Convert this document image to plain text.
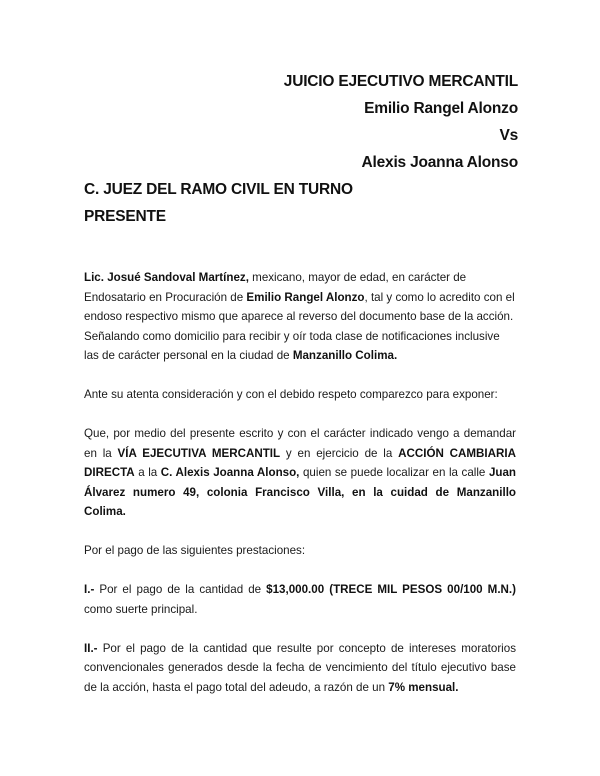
JUICIO EJECUTIVO MERCANTIL
Emilio Rangel Alonzo
Vs
Alexis Joanna Alonso
C. JUEZ DEL RAMO CIVIL EN TURNO
PRESENTE

Lic. Josué Sandoval Martínez, mexicano, mayor de edad, en carácter de Endosatario en Procuración de Emilio Rangel Alonzo, tal y como lo acredito con el endoso respectivo mismo que aparece al reverso del documento base de la acción. Señalando como domicilio para recibir y oír toda clase de notificaciones inclusive las de carácter personal en la ciudad de Manzanillo Colima.

Ante su atenta consideración y con el debido respeto comparezco para exponer:

Que, por medio del presente escrito y con el carácter indicado vengo a demandar en la VÍA EJECUTIVA MERCANTIL y en ejercicio de la ACCIÓN CAMBIARIA DIRECTA a la C. Alexis Joanna Alonso, quien se puede localizar en la calle Juan Álvarez numero 49, colonia Francisco Villa, en la cuidad de Manzanillo Colima.

Por el pago de las siguientes prestaciones:

I.- Por el pago de la cantidad de $13,000.00 (TRECE MIL PESOS 00/100 M.N.) como suerte principal.

II.- Por el pago de la cantidad que resulte por concepto de intereses moratorios convencionales generados desde la fecha de vencimiento del título ejecutivo base de la acción, hasta el pago total del adeudo, a razón de un 7% mensual.
